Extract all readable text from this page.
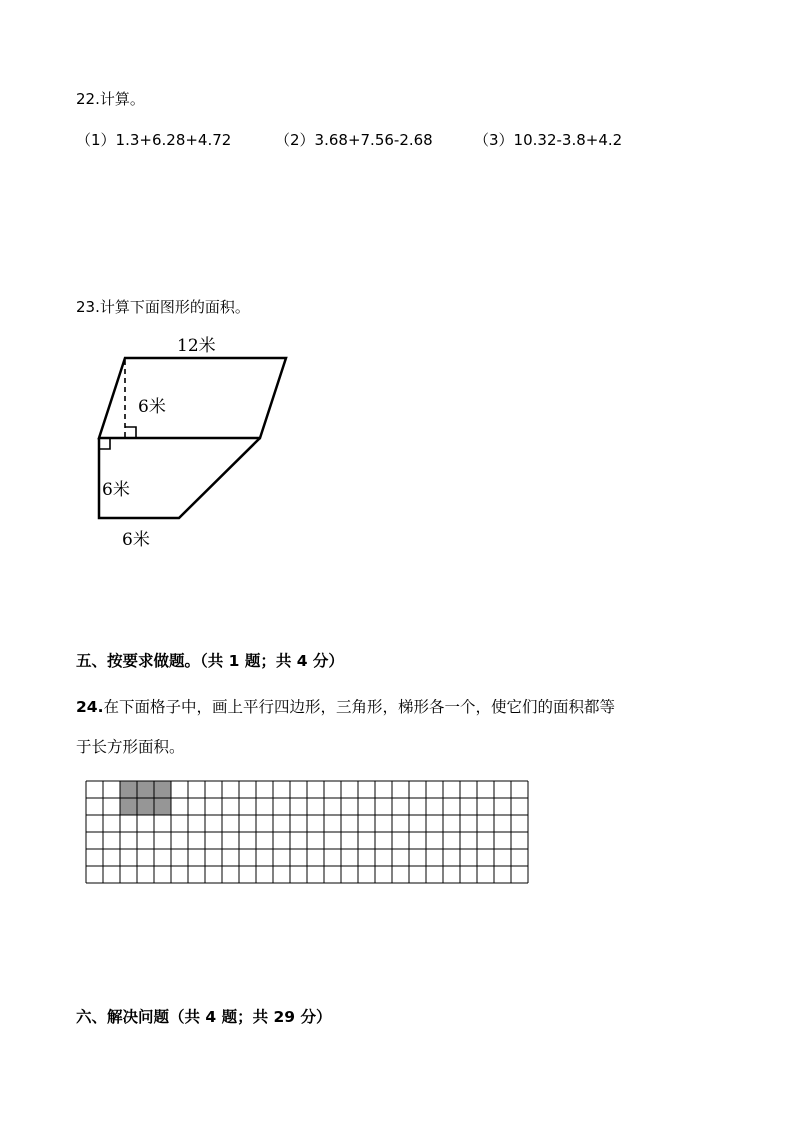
22.计算。
（1）1.3+6.28+4.72	（2）3.68+7.56-2.68	（3）10.32-3.8+4.2
23.计算下面图形的面积。
12米
6米
6米
6米
五、按要求做题。（共 1 题；共 4 分）
24.在下面格子中，画上平行四边形，三角形，梯形各一个，使它们的面积都等
于长方形面积。
六、解决问题（共 4 题；共 29 分）
